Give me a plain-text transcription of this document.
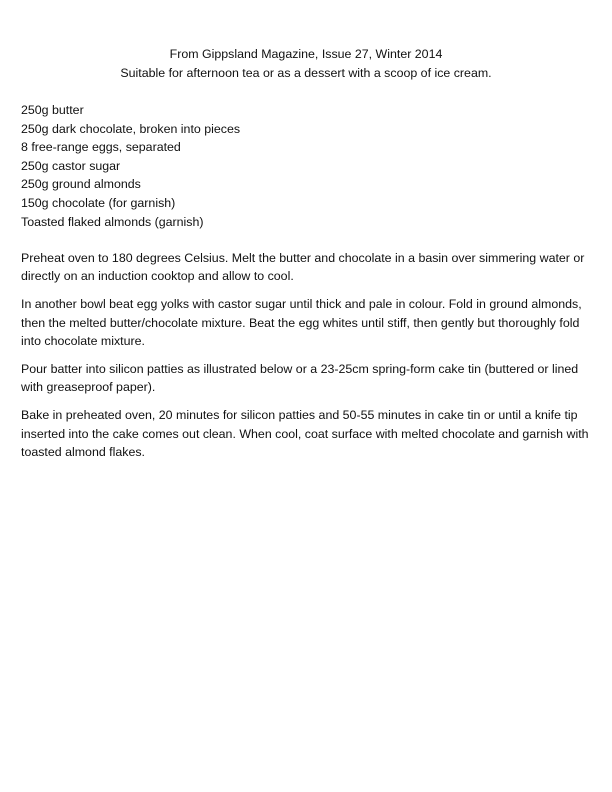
From Gippsland Magazine, Issue 27, Winter 2014
Suitable for afternoon tea or as a dessert with a scoop of ice cream.
250g butter
250g dark chocolate, broken into pieces
8 free-range eggs, separated
250g castor sugar
250g ground almonds
150g chocolate (for garnish)
Toasted flaked almonds (garnish)

Preheat oven to 180 degrees Celsius. Melt the butter and chocolate in a basin over simmering water or directly on an induction cooktop and allow to cool.

In another bowl beat egg yolks with castor sugar until thick and pale in colour. Fold in ground almonds, then the melted butter/chocolate mixture. Beat the egg whites until stiff, then gently but thoroughly fold into chocolate mixture.

Pour batter into silicon patties as illustrated below or a 23-25cm spring-form cake tin (buttered or lined with greaseproof paper).

Bake in preheated oven, 20 minutes for silicon patties and 50-55 minutes in cake tin or until a knife tip inserted into the cake comes out clean. When cool, coat surface with melted chocolate and garnish with toasted almond flakes.
